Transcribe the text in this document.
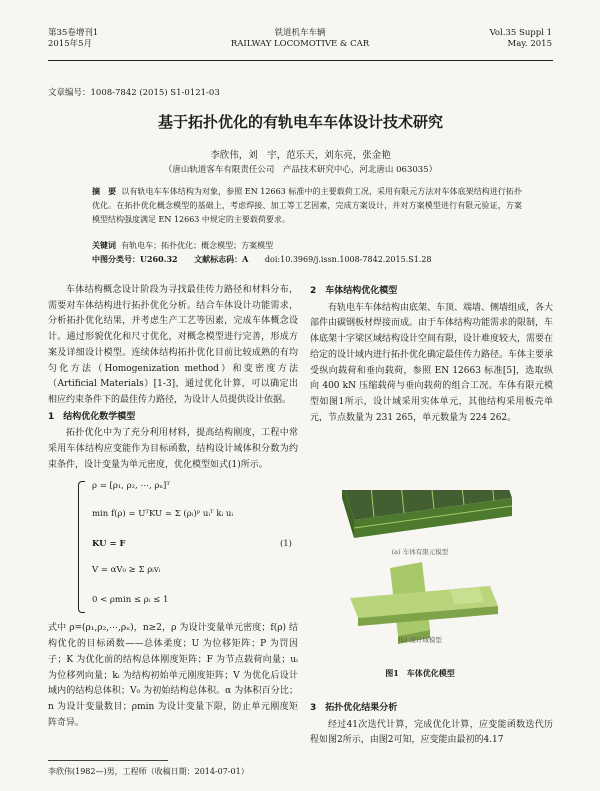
第35卷增刊1
2015年5月
铁道机车车辆
RAILWAY LOCOMOTIVE & CAR
Vol.35 Suppl 1
May. 2015
文章编号：1008-7842 (2015) S1-0121-03
基于拓扑优化的有轨电车车体设计技术研究
李欣伟，刘　宇，范乐天，刘东亮，张金艳
（唐山轨道客车有限责任公司　产品技术研究中心，河北唐山 063035）
摘　要 以有轨电车车体结构为对象，参照 EN 12663 标准中的主要载荷工况，采用有限元方法对车体底架结构进行拓扑优化。在拓扑优化概念模型的基础上，考虑焊接、加工等工艺因素，完成方案设计，并对方案模型进行有限元验证，方案模型结构强度满足 EN 12663 中规定的主要载荷要求。
关键词 有轨电车；拓扑优化；概念模型；方案模型
中图分类号：U260.32 文献标志码：A doi:10.3969/j.issn.1008-7842.2015.S1.28

车体结构概念设计阶段为寻找最佳传力路径和材料分布，需要对车体结构进行拓扑优化分析。结合车体设计功能需求，分析拓扑优化结果，并考虑生产工艺等因素，完成车体概念设计。通过形貌优化和尺寸优化，对概念模型进行完善，形成方案及详细设计模型。连续体结构拓扑优化目前比较成熟的有均匀化方法（Homogenization method）和变密度方法（Artificial Materials）[1-3]，通过优化计算，可以确定出相应约束条件下的最佳传力路径，为设计人员提供设计依据。

1　结构优化数学模型

拓扑优化中为了充分利用材料，提高结构刚度，工程中常采用车体结构应变能作为目标函数，结构设计域体积分数为约束条件，设计变量为单元密度，优化模型如式(1)所示。

ρ = [ρ₁, ρ₂, ⋯, ρₙ]ᵀ
min f(ρ) = UᵀKU = Σ (ρᵢ)ᵖ uᵢᵀ kᵢ uᵢ
KU = F
V = αV₀ ≥ Σ ρᵢvᵢ
0 < ρmin ≤ ρᵢ ≤ 1
(1)

式中 ρ=(ρ₁,ρ₂,⋯,ρₙ)，n≥2，ρ 为设计变量单元密度；f(ρ) 结构优化的目标函数——总体柔度；U 为位移矩阵；P 为罚因子；K 为优化前的结构总体刚度矩阵；F 为节点载荷向量；uᵢ 为位移列向量；kᵢ 为结构初始单元刚度矩阵；V 为优化后设计域内的结构总体积；V₀ 为初始结构总体积。α 为体积百分比；n 为设计变量数目；ρmin 为设计变量下限，防止单元刚度矩阵奇异。

2　车体结构优化模型

有轨电车车体结构由底架、车顶、端墙、侧墙组成，各大部件由碳钢板材焊接而成。由于车体结构功能需求的限制，车体底架十字梁区域结构设计空间有限，设计难度较大，需要在给定的设计域内进行拓扑优化确定最佳传力路径。车体主要承受纵向载荷和垂向载荷，参照 EN 12663 标准[5]，选取纵向 400 kN 压缩载荷与垂向载荷的组合工况。车体有限元模型如图1所示，设计域采用实体单元，其他结构采用板壳单元，节点数量为 231 265，单元数量为 224 262。

(a) 车体有限元模型
(b) 设计域模型
图1　车体优化模型
3　拓扑优化结果分析

经过41次迭代计算，完成优化计算，应变能函数迭代历程如图2所示，由图2可知，应变能由最初的4.17

李欣伟(1982—)男，工程师（收稿日期：2014-07-01）
